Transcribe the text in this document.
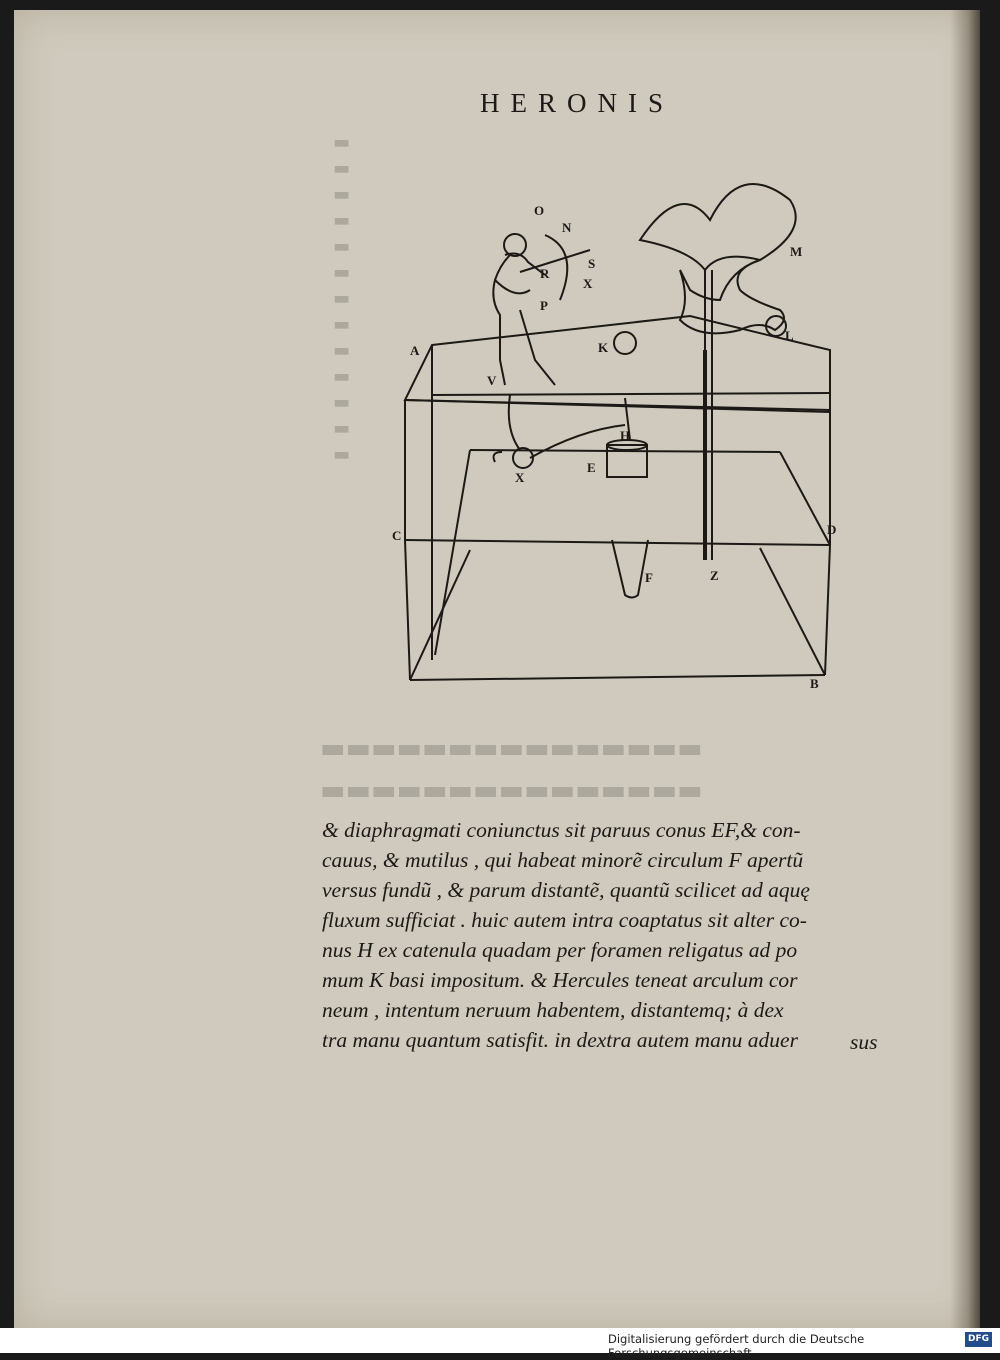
▬
▬
▬
▬
▬
▬
▬
▬
▬
▬
▬
▬
▬
HERONIS
O
N
R
S
X
P
A	K
V
H
E
X
C	D
F	Z
M
L
B
▬▬▬▬▬▬▬▬▬▬▬▬▬▬▬
▬▬▬▬▬▬▬▬▬▬▬▬▬▬▬
& diaphragmati coniunctus sit paruus conus EF,& con-
cauus, & mutilus , qui habeat minorẽ circulum F apertũ
versus fundũ , & parum distantẽ, quantũ scilicet ad aquę
fluxum sufficiat . huic autem intra coaptatus sit alter co-
nus H ex catenula quadam per foramen religatus ad po
mum K basi impositum. & Hercules teneat arculum cor
neum , intentum neruum habentem, distantemq; à dex
tra manu quantum satisfit. in dextra autem manu aduer	sus
Digitalisierung gefördert durch die Deutsche Forschungsgemeinschaft -
DFG
